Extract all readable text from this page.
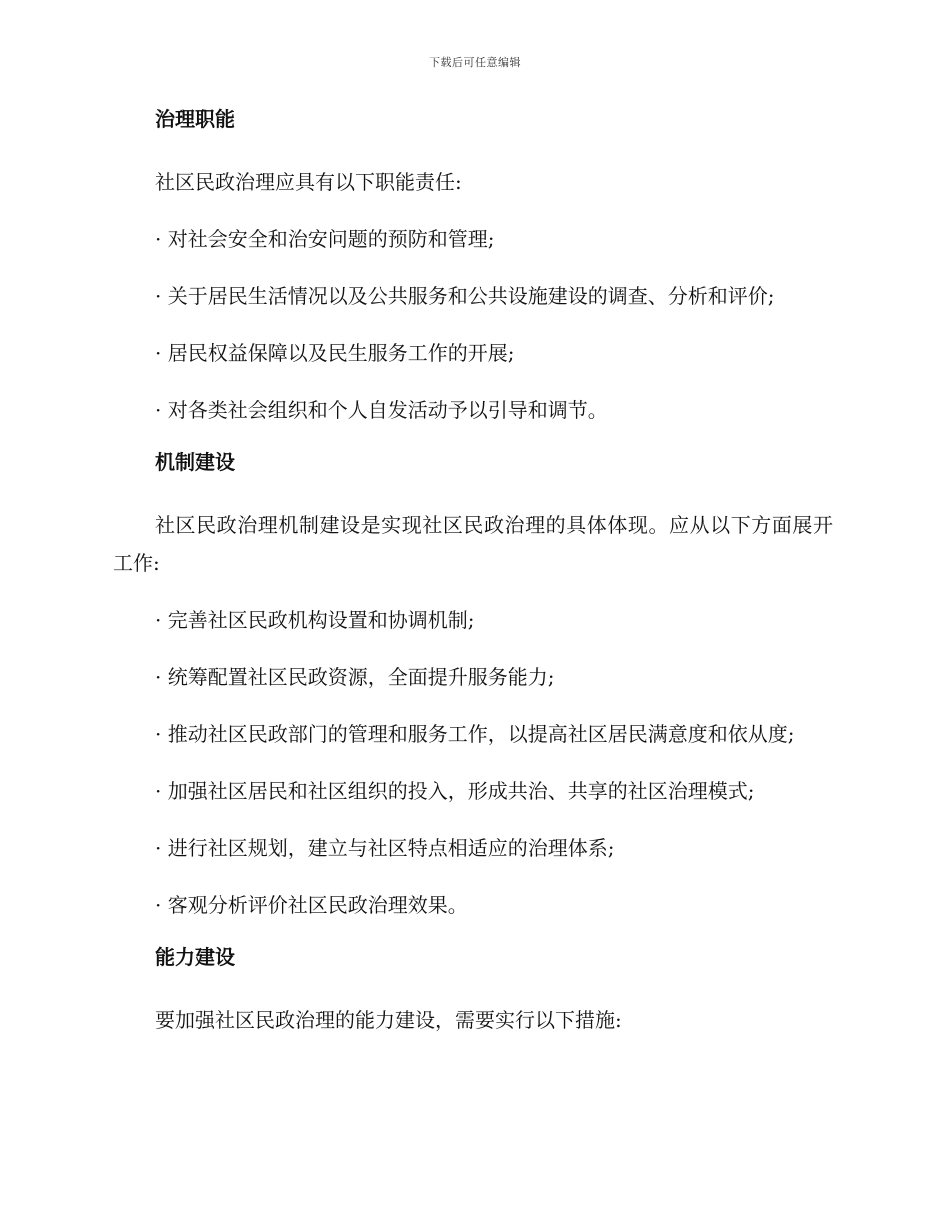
下载后可任意编辑
治理职能

社区民政治理应具有以下职能责任:

· 对社会安全和治安问题的预防和管理;

· 关于居民生活情况以及公共服务和公共设施建设的调查、分析和评价;

· 居民权益保障以及民生服务工作的开展;

· 对各类社会组织和个人自发活动予以引导和调节。

机制建设

社区民政治理机制建设是实现社区民政治理的具体体现。应从以下方面展开工作:

· 完善社区民政机构设置和协调机制;

· 统筹配置社区民政资源，全面提升服务能力;

· 推动社区民政部门的管理和服务工作，以提高社区居民满意度和依从度;

· 加强社区居民和社区组织的投入，形成共治、共享的社区治理模式;

· 进行社区规划，建立与社区特点相适应的治理体系;

· 客观分析评价社区民政治理效果。

能力建设

要加强社区民政治理的能力建设，需要实行以下措施:
